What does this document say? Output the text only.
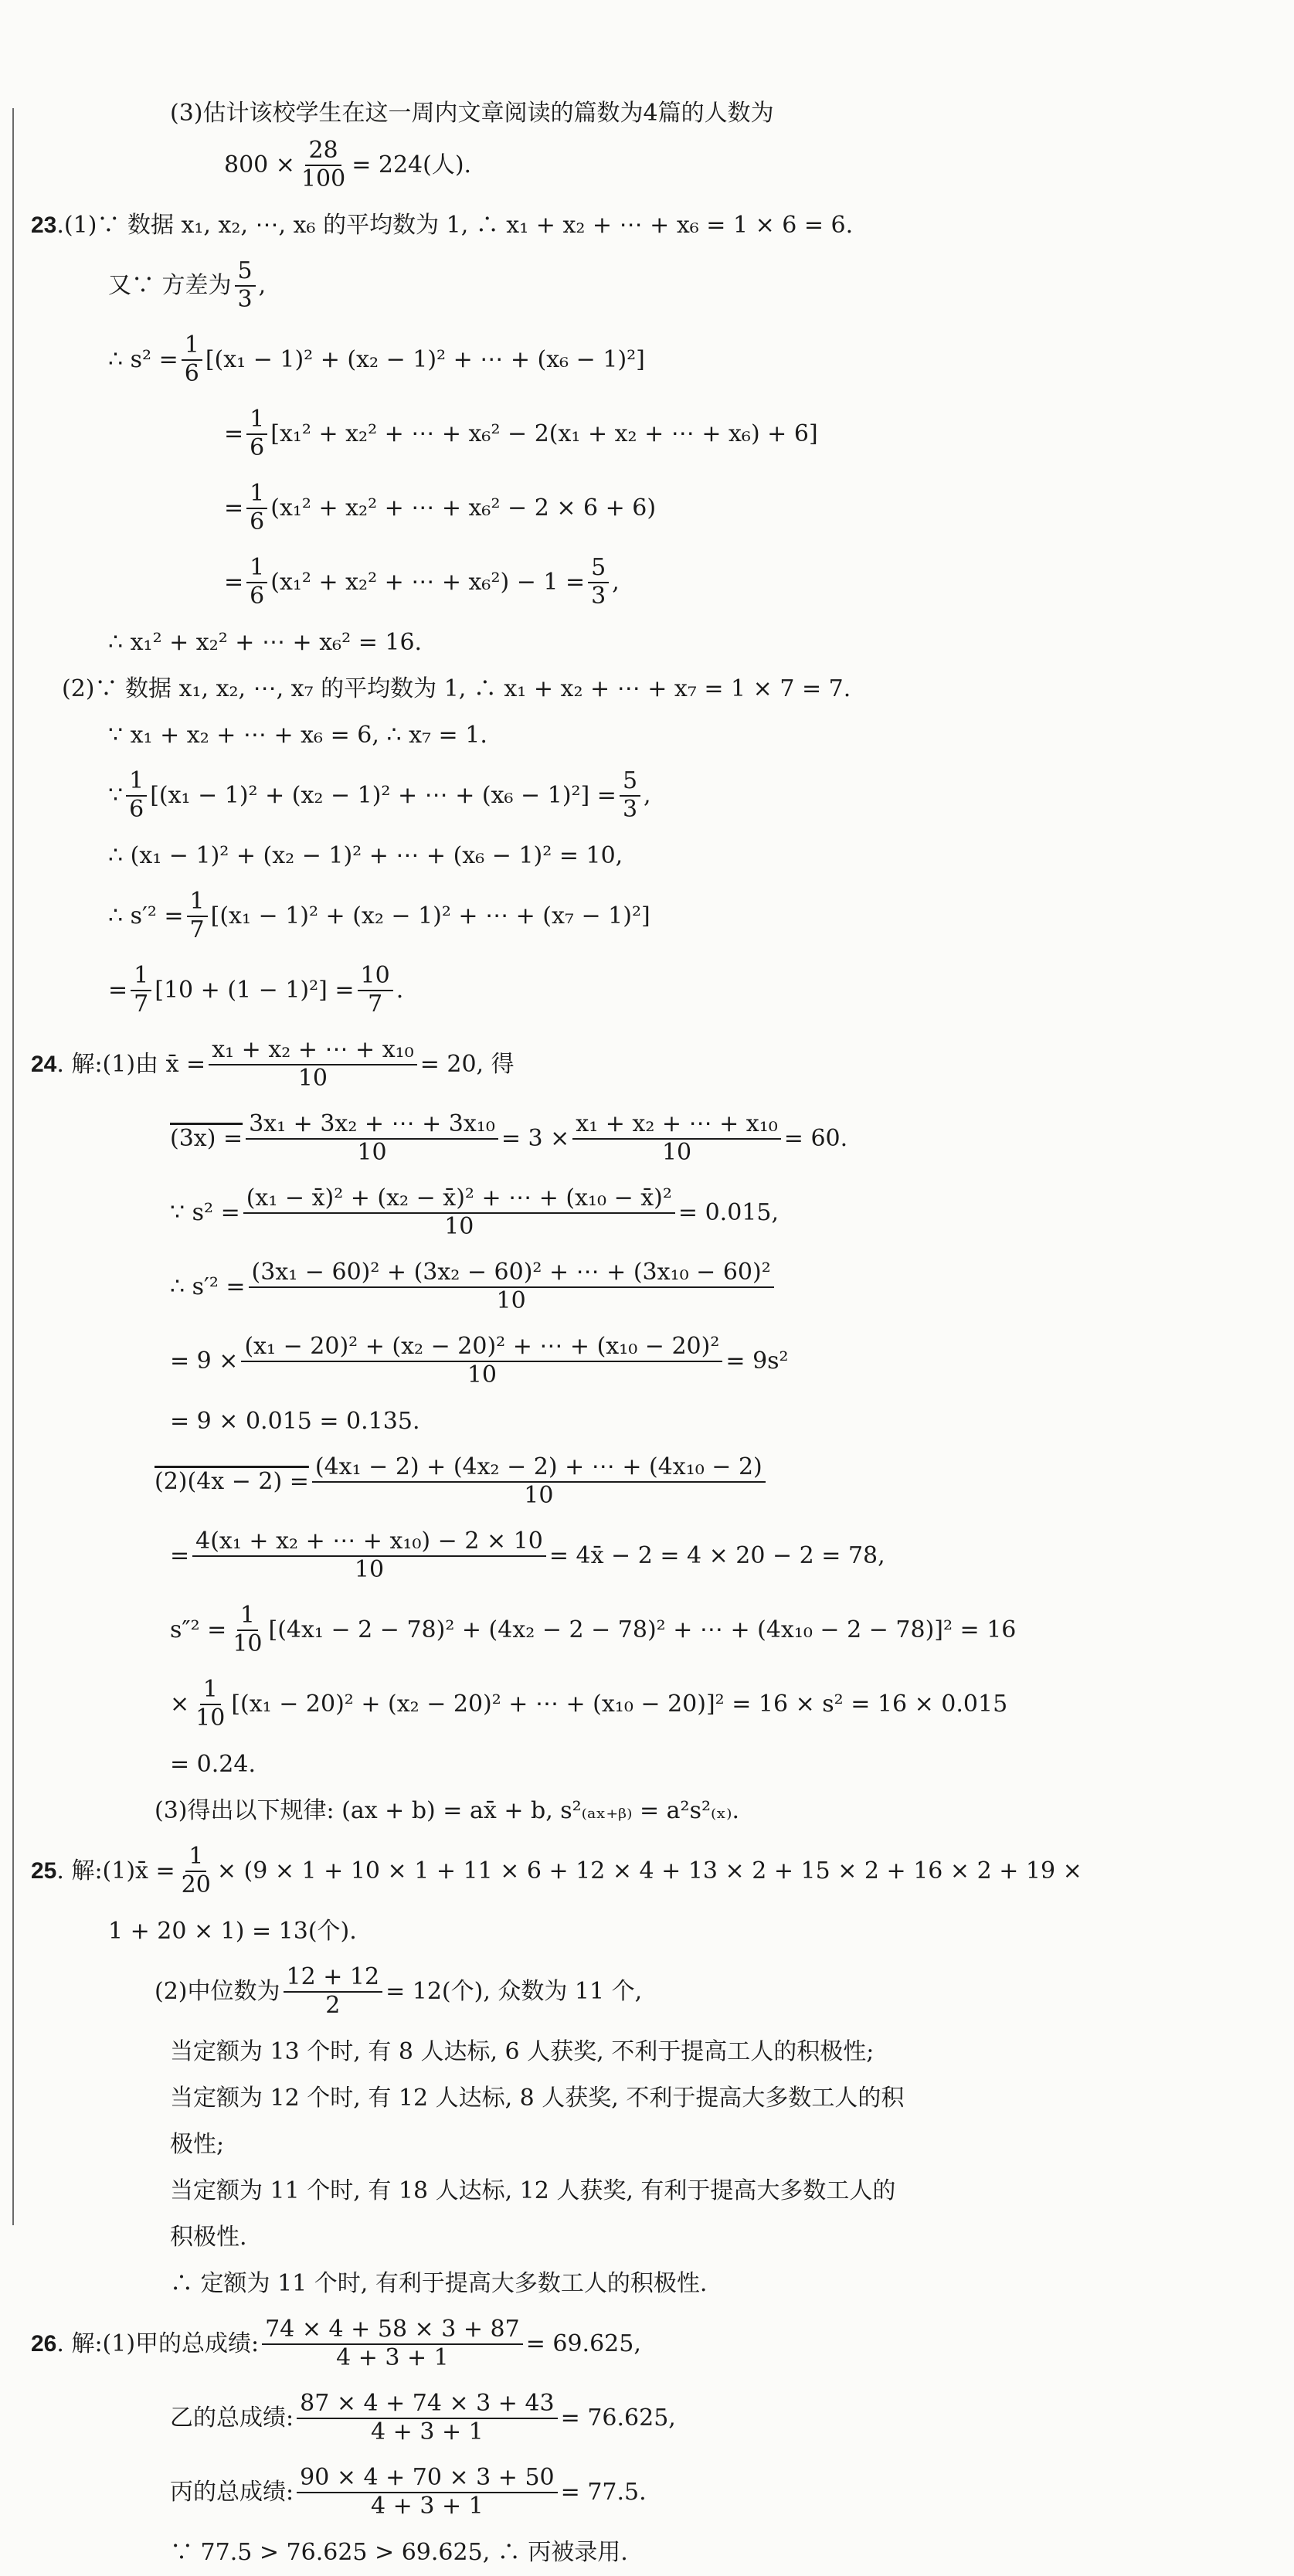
(3)估计该校学生在这一周内文章阅读的篇数为4篇的人数为

$800 \times \frac{28}{100} = 224$(人).
23 .(1)∵ 数据 x₁, x₂, ⋯, x₆ 的平均数为 1, ∴ x₁ + x₂ + ⋯ + x₆ = 1 × 6 = 6.
又∵ 方差为 $\frac{5}{3}$ ,
∴ $s^2 = \frac{1}{6} [(x_1 - 1)^2 + (x_2 - 1)^2$ + ⋯ + (x₆ − 1)²]
= $\frac{1}{6} [x_1^2 + x_2^2$ + ⋯ + x₆² − 2(x₁ + x₂ + ⋯ + x₆) + 6]
= $\frac{1}{6} (x_1^2 + x_2^2$ + ⋯ + x₆² − 2 × 6 + 6)
= $\frac{1}{6} (x_1^2 + x_2^2$ + ⋯ + $x_6^2) - 1 = \frac{5}{3}$ ,

∴ x₁² + x₂² + ⋯ + x₆² = 16.

(2)∵ 数据 x₁, x₂, ⋯, x₇ 的平均数为 1, ∴ x₁ + x₂ + ⋯ + x₇ = 1 × 7 = 7.

∵ x₁ + x₂ + ⋯ + x₆ = 6, ∴ x₇ = 1.

∵ $\frac{1}{6} [(x_1 - 1)^2 + (x_2 - 1)^2$ + ⋯ + $(x_6 - 1)^2] = \frac{5}{3}$ ,

∴ (x₁ − 1)² + (x₂ − 1)² + ⋯ + (x₆ − 1)² = 10,

∴ $s'^2 = \frac{1}{7} [(x_1 - 1)^2 + (x_2 - 1)^2$ + ⋯ + (x₇ − 1)²]
= $\frac{1}{7} [10 + (1 - 1)^2] = \frac{10}{7}$ .
24 . 解:(1)由 x̄ = $\frac{\text{x₁ + x₂ + ⋯ + x₁₀}}{10} = 20$, 得
$(3x) = \frac{\text{3x₁ + 3x₂ + ⋯ + 3x₁₀}}{10} = 3 \times \frac{\text{x₁ + x₂ + ⋯ + x₁₀}}{10} = 60$.
∵ $s^2 = \frac{\text{(x₁ − x̄)² + (x₂ − x̄)² + ⋯ + (x₁₀ − x̄)²}}{10} = 0.015$,
∴ $s'^2 = \frac{\text{(3x₁ − 60)² + (3x₂ − 60)² + ⋯ + (3x₁₀ − 60)²}}{10}$
= $9 \times \frac{\text{(x₁ − 20)² + (x₂ − 20)² + ⋯ + (x₁₀ − 20)²}}{10} = 9s^2$

= 9 × 0.015 = 0.135.

$(2)(4x - 2) = \frac{\text{(4x₁ − 2) + (4x₂ − 2) + ⋯ + (4x₁₀ − 2)}}{10}$
= $\frac{\text{4(x₁ + x₂ + ⋯ + x₁₀) − 2 × 10}}{10}$ = 4x̄ − 2 = 4 × 20 − 2 = 78,
$s''^2 = \frac{1}{10} [(4x_1 - 2 - 78)^2 + (4x_2 - 2 - 78)^2$ + ⋯ + (4x₁₀ − 2 − 78)]² = 16
× $\frac{1}{10} [(x_1 - 20)^2 + (x_2 - 20)^2$ + ⋯ + (x₁₀ − 20)]² = 16 × s² = 16 × 0.015

= 0.24.

(3)得出以下规律: (ax + b) = ax̄ + b, s²₍ₐₓ₊ᵦ₎ = a²s²₍ₓ₎.

25 . 解:(1)x̄ = $\frac{1}{20} \times (9 \times 1 + 10 \times 1 + 11 \times 6 + 12 \times 4 + 13 \times 2 + 15 \times 2 + 16 \times 2 + 19$ ×

1 + 20 × 1) = 13(个).

(2)中位数为 $\frac{12 + 12}{2} = 12$(个), 众数为 11 个,

当定额为 13 个时, 有 8 人达标, 6 人获奖, 不利于提高工人的积极性;

当定额为 12 个时, 有 12 人达标, 8 人获奖, 不利于提高大多数工人的积

极性;

当定额为 11 个时, 有 18 人达标, 12 人获奖, 有利于提高大多数工人的

积极性.

∴ 定额为 11 个时, 有利于提高大多数工人的积极性.

26 . 解:(1)甲的总成绩: $\frac{74 \times 4 + 58 \times 3 + 87}{4 + 3 + 1} = 69.625$,
乙的总成绩: $\frac{87 \times 4 + 74 \times 3 + 43}{4 + 3 + 1} = 76.625$,
丙的总成绩: $\frac{90 \times 4 + 70 \times 3 + 50}{4 + 3 + 1} = 77.5$.

∵ 77.5 > 76.625 > 69.625, ∴ 丙被录用.
